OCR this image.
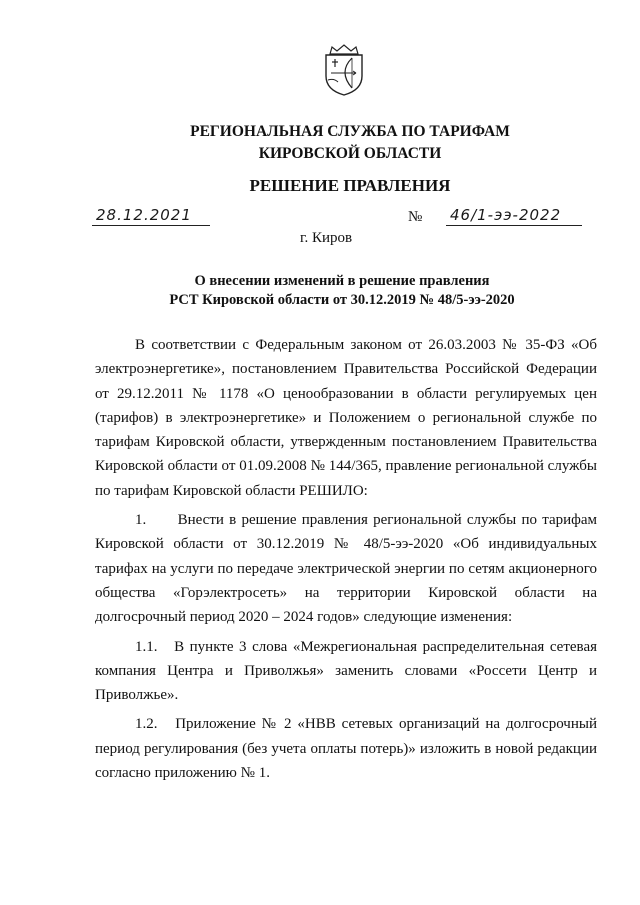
РЕГИОНАЛЬНАЯ СЛУЖБА ПО ТАРИФАМ
КИРОВСКОЙ ОБЛАСТИ
РЕШЕНИЕ ПРАВЛЕНИЯ
28.12.2021	№ 46/1-ээ-2022
г. Киров
О внесении изменений в решение правления
РСТ Кировской области от 30.12.2019 № 48/5-ээ-2020

В соответствии с Федеральным законом от 26.03.2003 № 35-ФЗ «Об электроэнергетике», постановлением Правительства Российской Федерации от 29.12.2011 № 1178 «О ценообразовании в области регулируемых цен (тарифов) в электроэнергетике» и Положением о региональной службе по тарифам Кировской области, утвержденным постановлением Правительства Кировской области от 01.09.2008 № 144/365, правление региональной службы по тарифам Кировской области РЕШИЛО:

1.      Внести в решение правления региональной службы по тарифам Кировской области от 30.12.2019 № 48/5-ээ-2020 «Об индивидуальных тарифах на услуги по передаче электрической энергии по сетям акционерного общества «Горэлектросеть» на территории Кировской области на долгосрочный период 2020 – 2024 годов» следующие изменения:

1.1.   В пункте 3 слова «Межрегиональная распределительная сетевая компания Центра и Приволжья» заменить словами «Россети Центр и Приволжье».

1.2.   Приложение № 2 «НВВ сетевых организаций на долгосрочный период регулирования (без учета оплаты потерь)» изложить в новой редакции согласно приложению № 1.
